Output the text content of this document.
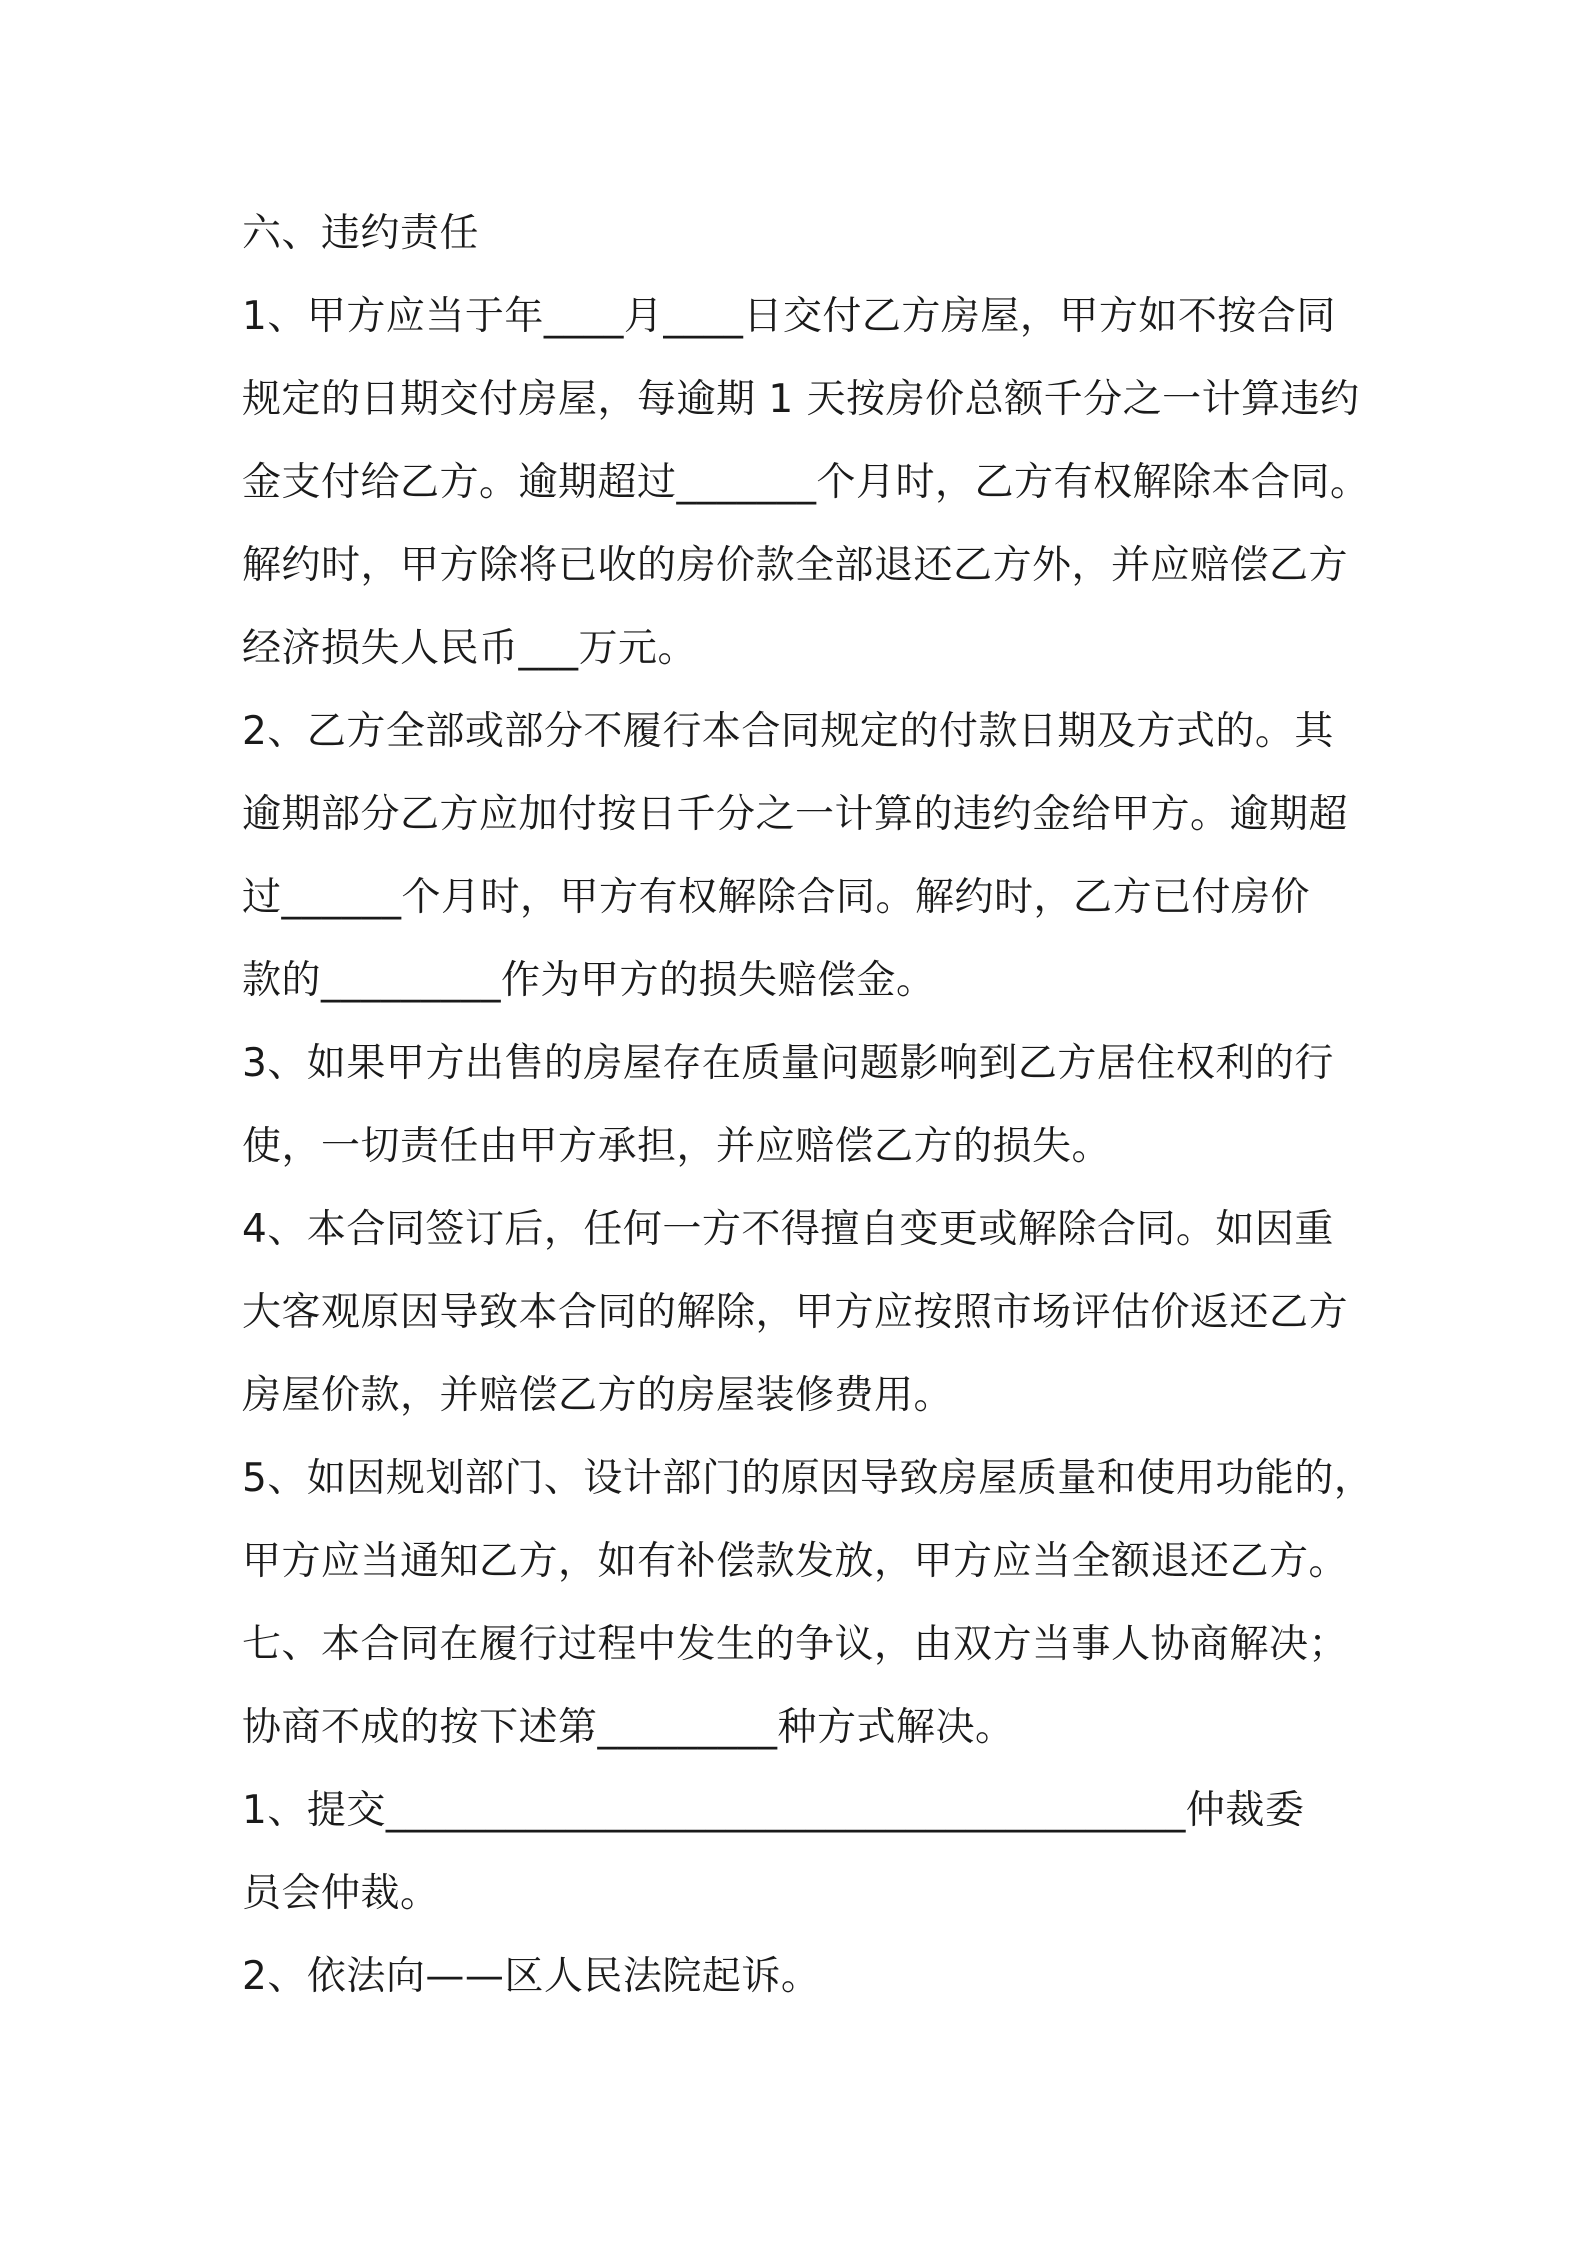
六、违约责任
1、甲方应当于年____月____日交付乙方房屋，甲方如不按合同
规定的日期交付房屋，每逾期 1 天按房价总额千分之一计算违约
金支付给乙方。逾期超过_______个月时，乙方有权解除本合同。
解约时，甲方除将已收的房价款全部退还乙方外，并应赔偿乙方
经济损失人民币___万元。
2、乙方全部或部分不履行本合同规定的付款日期及方式的。其
逾期部分乙方应加付按日千分之一计算的违约金给甲方。逾期超
过______个月时，甲方有权解除合同。解约时，乙方已付房价
款的_________作为甲方的损失赔偿金。
3、如果甲方出售的房屋存在质量问题影响到乙方居住权利的行
使，一切责任由甲方承担，并应赔偿乙方的损失。
4、本合同签订后，任何一方不得擅自变更或解除合同。如因重
大客观原因导致本合同的解除，甲方应按照市场评估价返还乙方
房屋价款，并赔偿乙方的房屋装修费用。
5、如因规划部门、设计部门的原因导致房屋质量和使用功能的，
甲方应当通知乙方，如有补偿款发放，甲方应当全额退还乙方。
七、本合同在履行过程中发生的争议，由双方当事人协商解决；
协商不成的按下述第_________种方式解决。
1、提交________________________________________仲裁委
员会仲裁。
2、依法向——区人民法院起诉。
